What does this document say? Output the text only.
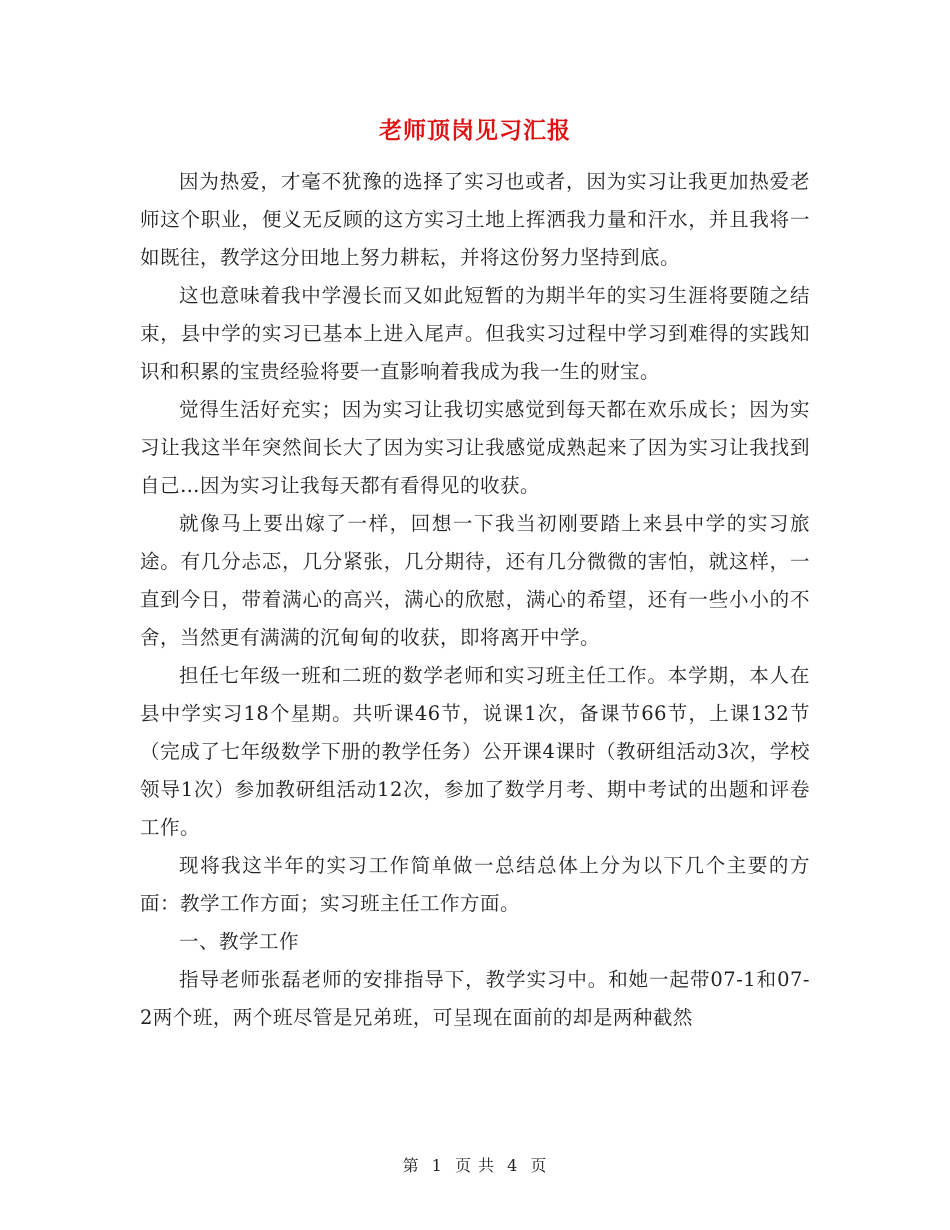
老师顶岗见习汇报

因为热爱，才毫不犹豫的选择了实习也或者，因为实习让我更加热爱老师这个职业，便义无反顾的这方实习土地上挥洒我力量和汗水，并且我将一如既往，教学这分田地上努力耕耘，并将这份努力坚持到底。

这也意味着我中学漫长而又如此短暂的为期半年的实习生涯将要随之结束，县中学的实习已基本上进入尾声。但我实习过程中学习到难得的实践知识和积累的宝贵经验将要一直影响着我成为我一生的财宝。

觉得生活好充实；因为实习让我切实感觉到每天都在欢乐成长；因为实习让我这半年突然间长大了因为实习让我感觉成熟起来了因为实习让我找到自己…因为实习让我每天都有看得见的收获。

就像马上要出嫁了一样，回想一下我当初刚要踏上来县中学的实习旅途。有几分忐忑，几分紧张，几分期待，还有几分微微的害怕，就这样，一直到今日，带着满心的高兴，满心的欣慰，满心的希望，还有一些小小的不舍，当然更有满满的沉甸甸的收获，即将离开中学。

担任七年级一班和二班的数学老师和实习班主任工作。本学期，本人在县中学实习18个星期。共听课46节，说课1次，备课节66节，上课132节（完成了七年级数学下册的教学任务）公开课4课时（教研组活动3次，学校领导1次）参加教研组活动12次，参加了数学月考、期中考试的出题和评卷工作。

现将我这半年的实习工作简单做一总结总体上分为以下几个主要的方面：教学工作方面；实习班主任工作方面。

一、教学工作

指导老师张磊老师的安排指导下，教学实习中。和她一起带07-1和07-2两个班，两个班尽管是兄弟班，可呈现在面前的却是两种截然

第 1 页 共 4 页
